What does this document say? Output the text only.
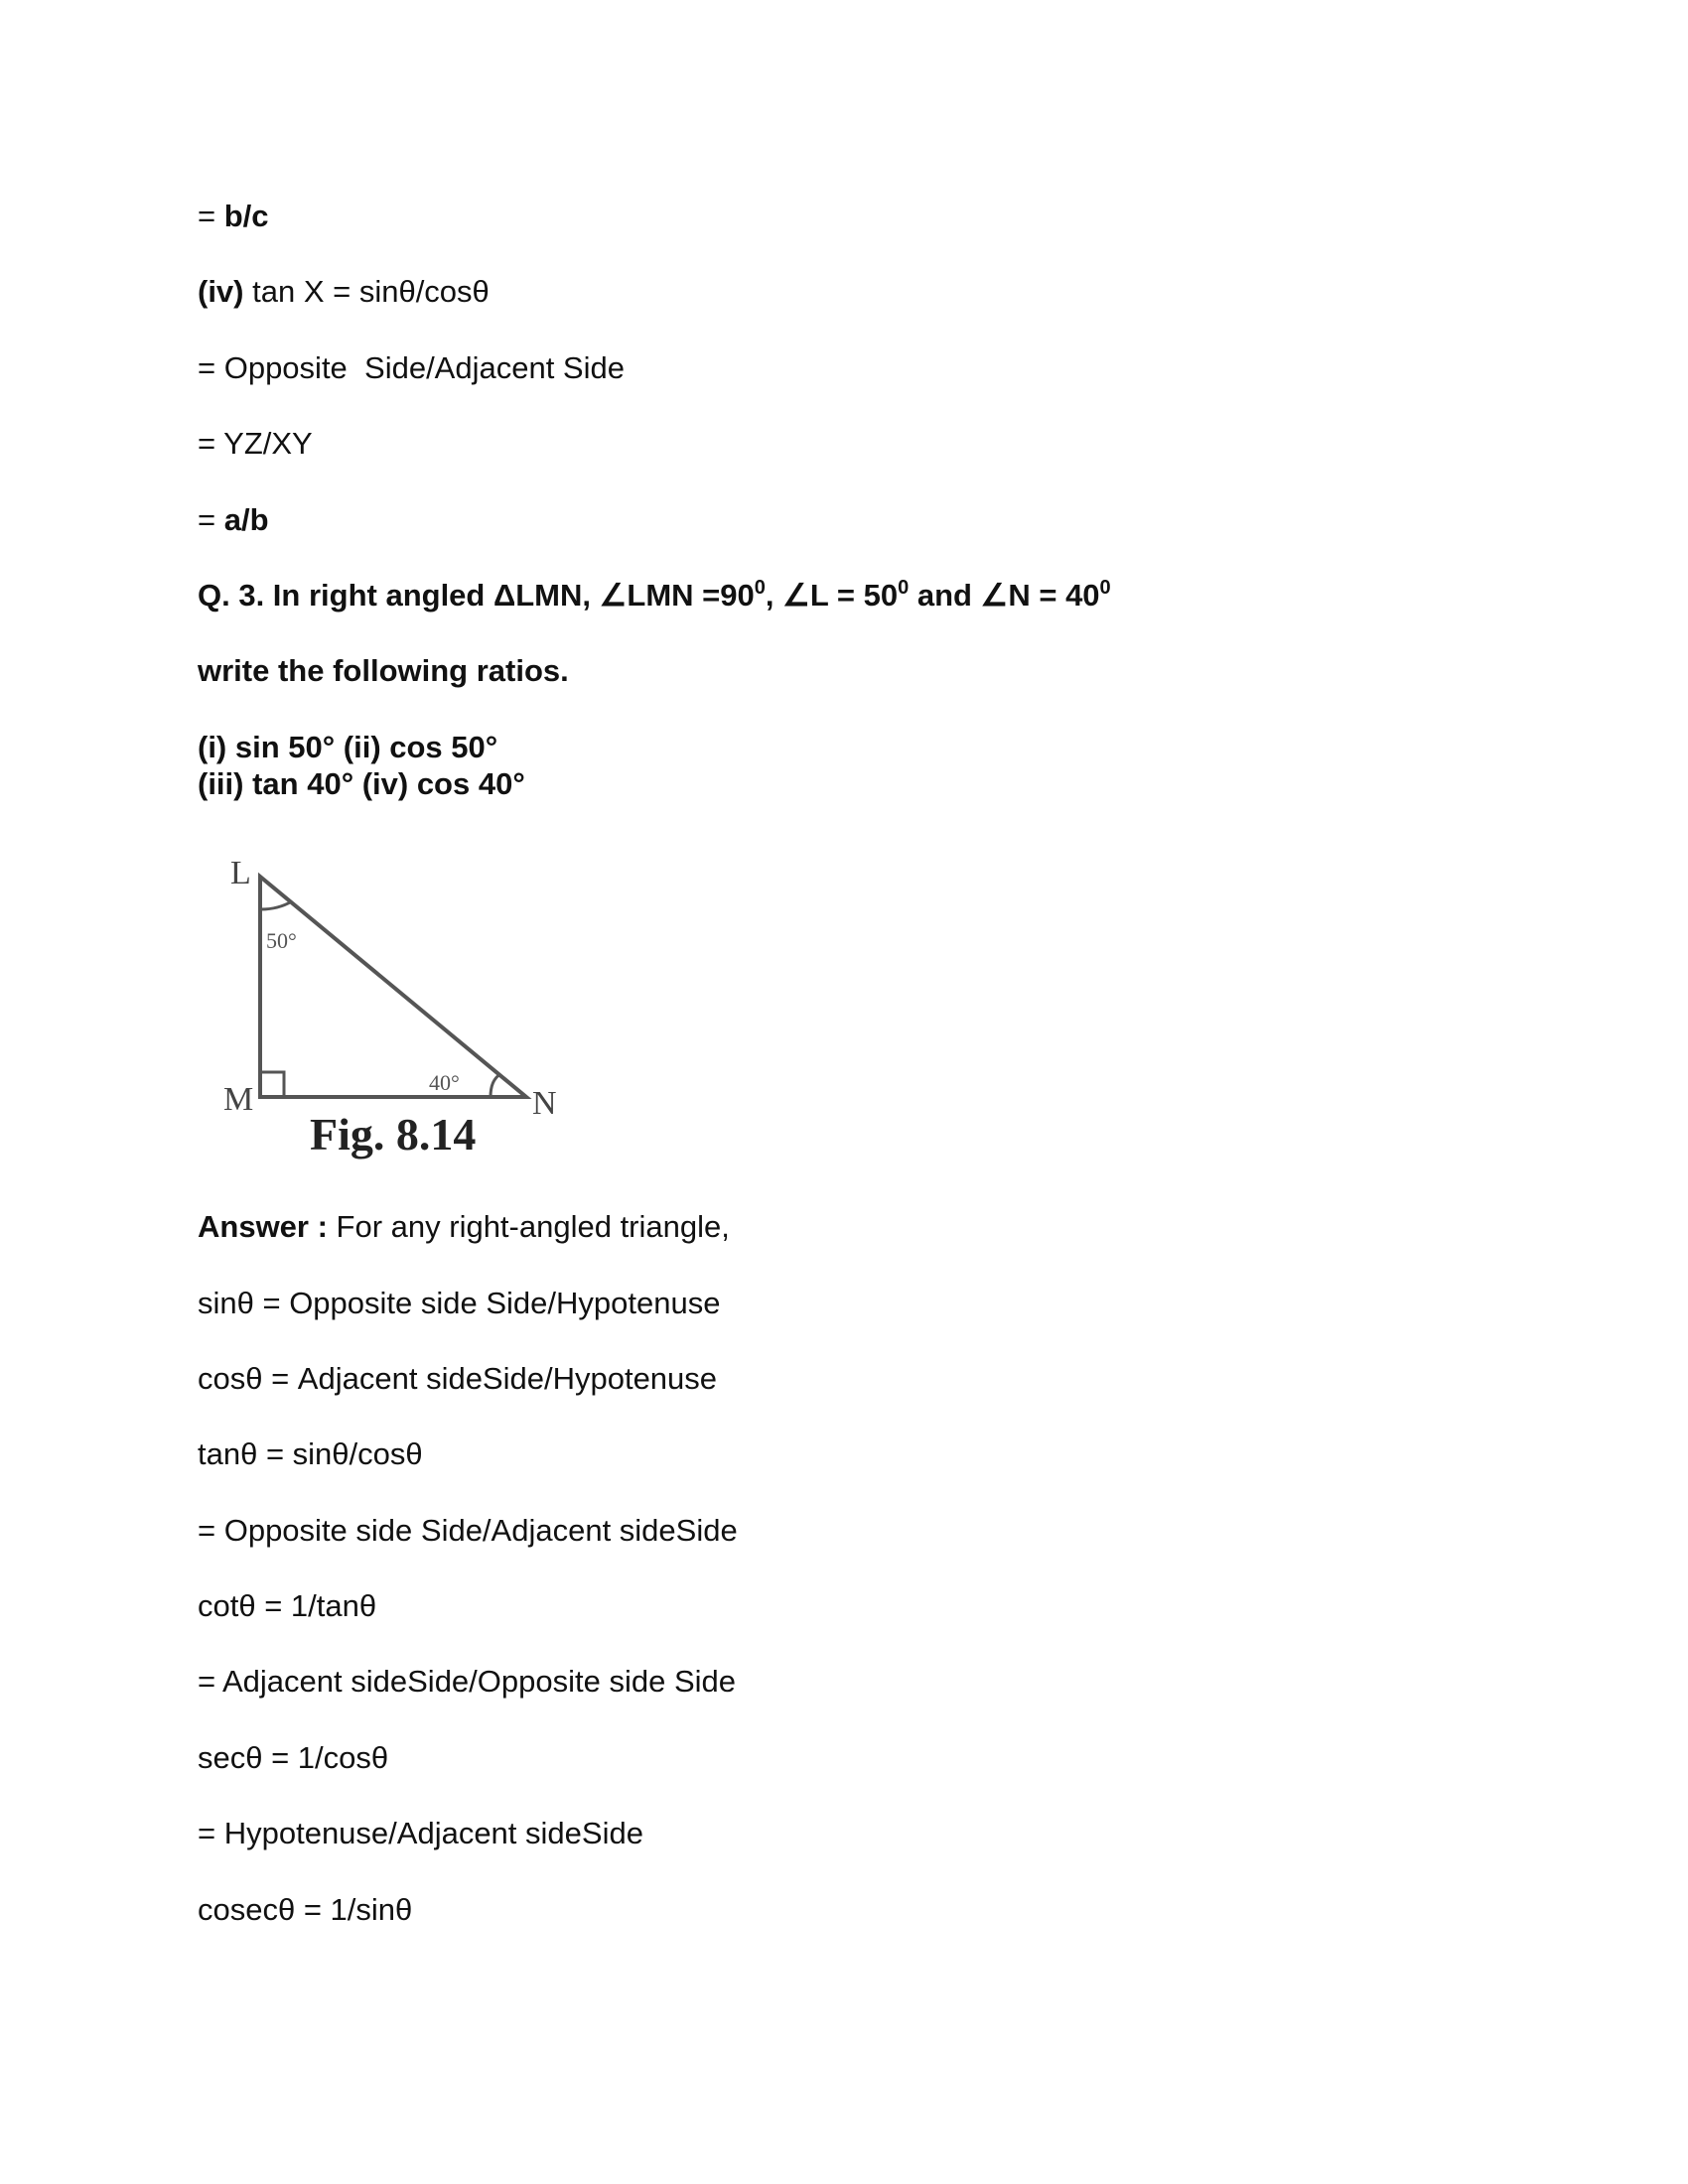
= b/c
(iv) tan X = sinθ/cosθ
= Opposite  Side/Adjacent Side
= YZ/XY
= a/b
Q. 3. In right angled ΔLMN, ∠LMN $=90^0$, ∠L = $50^0$ and ∠N = $40^0$
write the following ratios.
(i) sin 50° (ii) cos 50°
(iii) tan 40° (iv) cos 40°
L
M	N
50°
40°
Fig. 8.14
Answer : For any right-angled triangle,
sinθ = Opposite side Side/Hypotenuse
cosθ = Adjacent sideSide/Hypotenuse
tanθ = sinθ/cosθ
= Opposite side Side/Adjacent sideSide
cotθ = 1/tanθ
= Adjacent sideSide/Opposite side Side
secθ = 1/cosθ
= Hypotenuse/Adjacent sideSide
cosecθ = 1/sinθ
